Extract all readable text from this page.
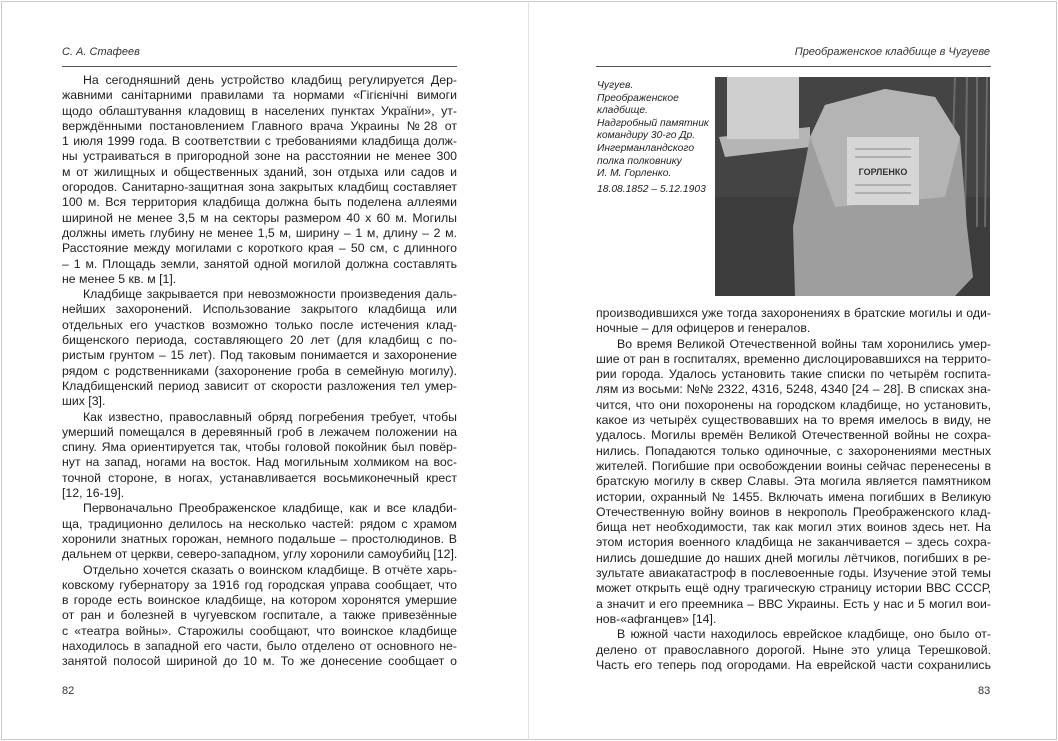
С. А. Стафеев
На сегодняшний день устройство кладбищ регулируется Дер-
жавними санітарними правилами та нормами «Гігієнічні вимоги
щодо облаштування кладовищ в населених пунктах України», ут-
верждёнными постановлением Главного врача Украины №28 от
1 июля 1999 года. В соответствии с требованиями кладбища долж-
ны устраиваться в пригородной зоне на расстоянии не менее 300
м от жилищных и общественных зданий, зон отдыха или садов и
огородов. Санитарно-защитная зона закрытых кладбищ составляет
100 м. Вся территория кладбища должна быть поделена аллеями
шириной не менее 3,5 м на секторы размером 40 х 60 м. Могилы
должны иметь глубину не менее 1,5 м, ширину – 1 м, длину – 2 м.
Расстояние между могилами с короткого края – 50 см, с длинного
– 1 м. Площадь земли, занятой одной могилой должна составлять
не менее 5 кв. м [1].
Кладбище закрывается при невозможности произведения даль-
нейших захоронений. Использование закрытого кладбища или
отдельных его участков возможно только после истечения клад-
бищенского периода, составляющего 20 лет (для кладбищ с по-
ристым грунтом – 15 лет). Под таковым понимается и захоронение
рядом с родственниками (захоронение гроба в семейную могилу).
Кладбищенский период зависит от скорости разложения тел умер-
ших [3].
Как известно, православный обряд погребения требует, чтобы
умерший помещался в деревянный гроб в лежачем положении на
спину. Яма ориентируется так, чтобы головой покойник был повёр-
нут на запад, ногами на восток. Над могильным холмиком на вос-
точной стороне, в ногах, устанавливается восьмиконечный крест
[12, 16-19].
Первоначально Преображенское кладбище, как и все кладби-
ща, традиционно делилось на несколько частей: рядом с храмом
хоронили знатных горожан, немного подальше – простолюдинов. В
дальнем от церкви, северо-западном, углу хоронили самоубийц [12].
Отдельно хочется сказать о воинском кладбище. В отчёте харь-
ковскому губернатору за 1916 год городская управа сообщает, что
в городе есть воинское кладбище, на котором хоронятся умершие
от ран и болезней в чугуевском госпитале, а также привезённые
с «театра войны». Старожилы сообщают, что воинское кладбище
находилось в западной его части, было отделено от основного не-
занятой полосой шириной до 10 м. То же донесение сообщает о
82
Преображенское кладбище в Чугуеве
Чугуев.
Преображенское
кладбище.
Надгробный памятник
командиру 30-го Др.
Ингерманландского
полка полковнику
И. М. Горленко.
18.08.1852 – 5.12.1903
ГОРЛЕНКО
производившихся уже тогда захоронениях в братские могилы и оди-
ночные – для офицеров и генералов.
Во время Великой Отечественной войны там хоронились умер-
шие от ран в госпиталях, временно дислоцировавшихся на террито-
рии города. Удалось установить такие списки по четырём госпита-
лям из восьми: №№ 2322, 4316, 5248, 4340 [24 – 28]. В списках зна-
чится, что они похоронены на городском кладбище, но установить,
какое из четырёх существовавших на то время имелось в виду, не
удалось. Могилы времён Великой Отечественной войны не сохра-
нились. Попадаются только одиночные, с захоронениями местных
жителей. Погибшие при освобождении воины сейчас перенесены в
братскую могилу в сквер Славы. Эта могила является памятником
истории, охранный № 1455. Включать имена погибших в Великую
Отечественную войну воинов в некрополь Преображенского клад-
бища нет необходимости, так как могил этих воинов здесь нет. На
этом история военного кладбища не заканчивается – здесь сохра-
нились дошедшие до наших дней могилы лётчиков, погибших в ре-
зультате авиакатастроф в послевоенные годы. Изучение этой темы
может открыть ещё одну трагическую страницу истории ВВС СССР,
а значит и его преемника – ВВС Украины. Есть у нас и 5 могил вои-
нов-«афганцев» [14].
В южной части находилось еврейское кладбище, оно было от-
делено от православного дорогой. Ныне это улица Терешковой.
Часть его теперь под огородами. На еврейской части сохранились
83
